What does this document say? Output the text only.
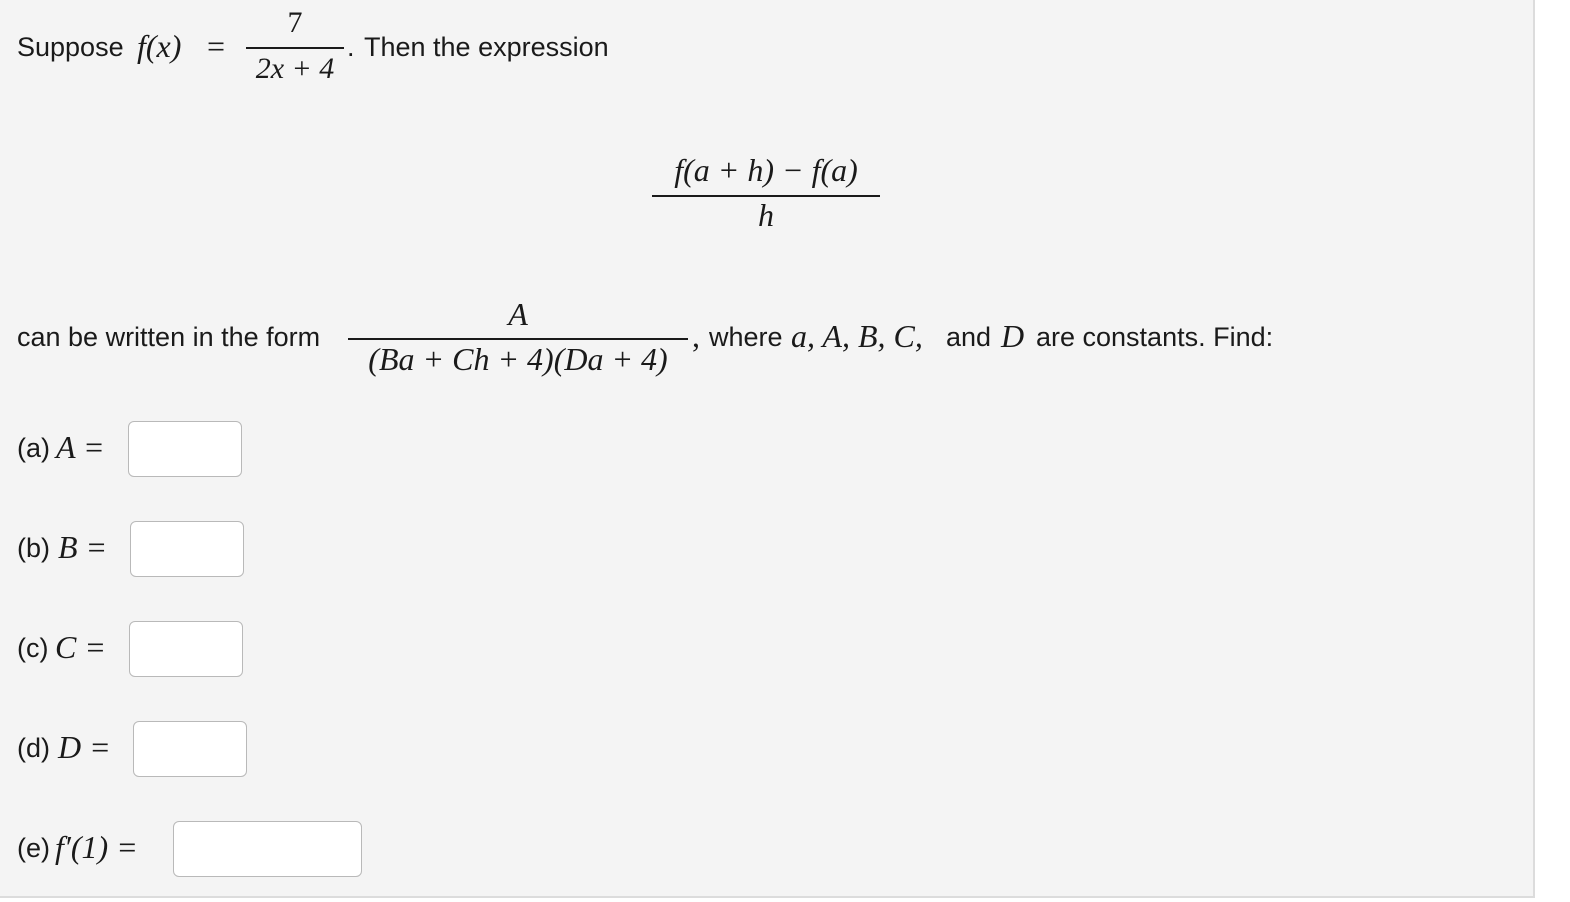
Suppose f(x) =
7
2x + 4
. Then the expression
f(a + h) − f(a)
h
can be written in the form
A
(Ba + Ch + 4)(Da + 4)
, where a, A, B, C, and D are constants. Find:
(a) A =
(b) B =
(c) C =
(d) D =
(e) f′(1) =
